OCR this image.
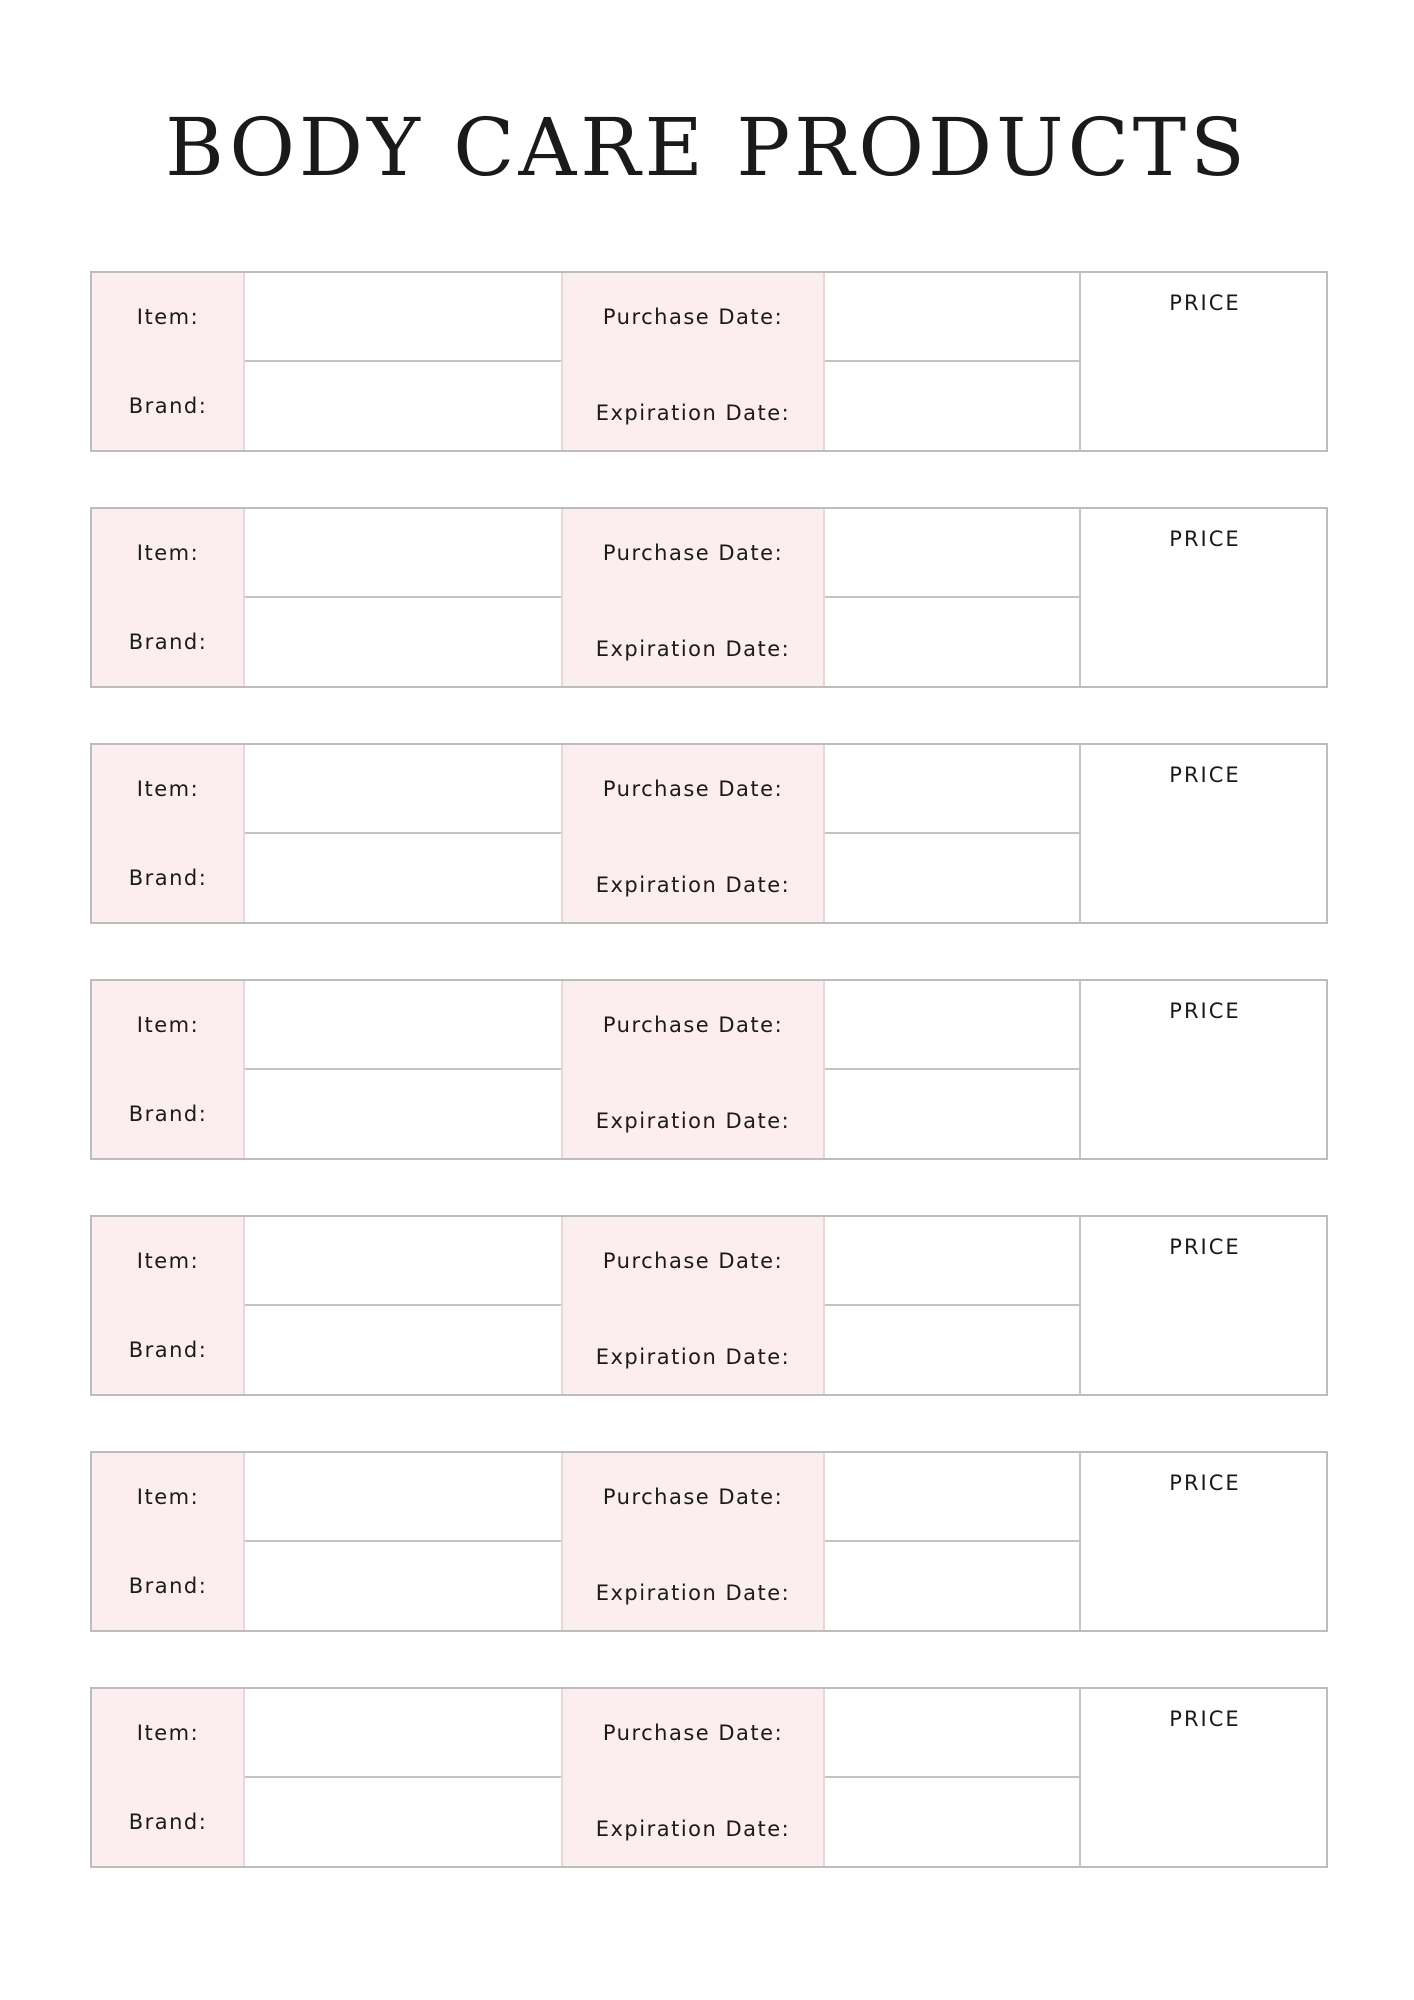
BODY CARE PRODUCTS
Item:
Brand:
Purchase Date:
Expiration Date:
PRICE
Item:
Brand:
Purchase Date:
Expiration Date:
PRICE
Item:
Brand:
Purchase Date:
Expiration Date:
PRICE
Item:
Brand:
Purchase Date:
Expiration Date:
PRICE
Item:
Brand:
Purchase Date:
Expiration Date:
PRICE
Item:
Brand:
Purchase Date:
Expiration Date:
PRICE
Item:
Brand:
Purchase Date:
Expiration Date:
PRICE
